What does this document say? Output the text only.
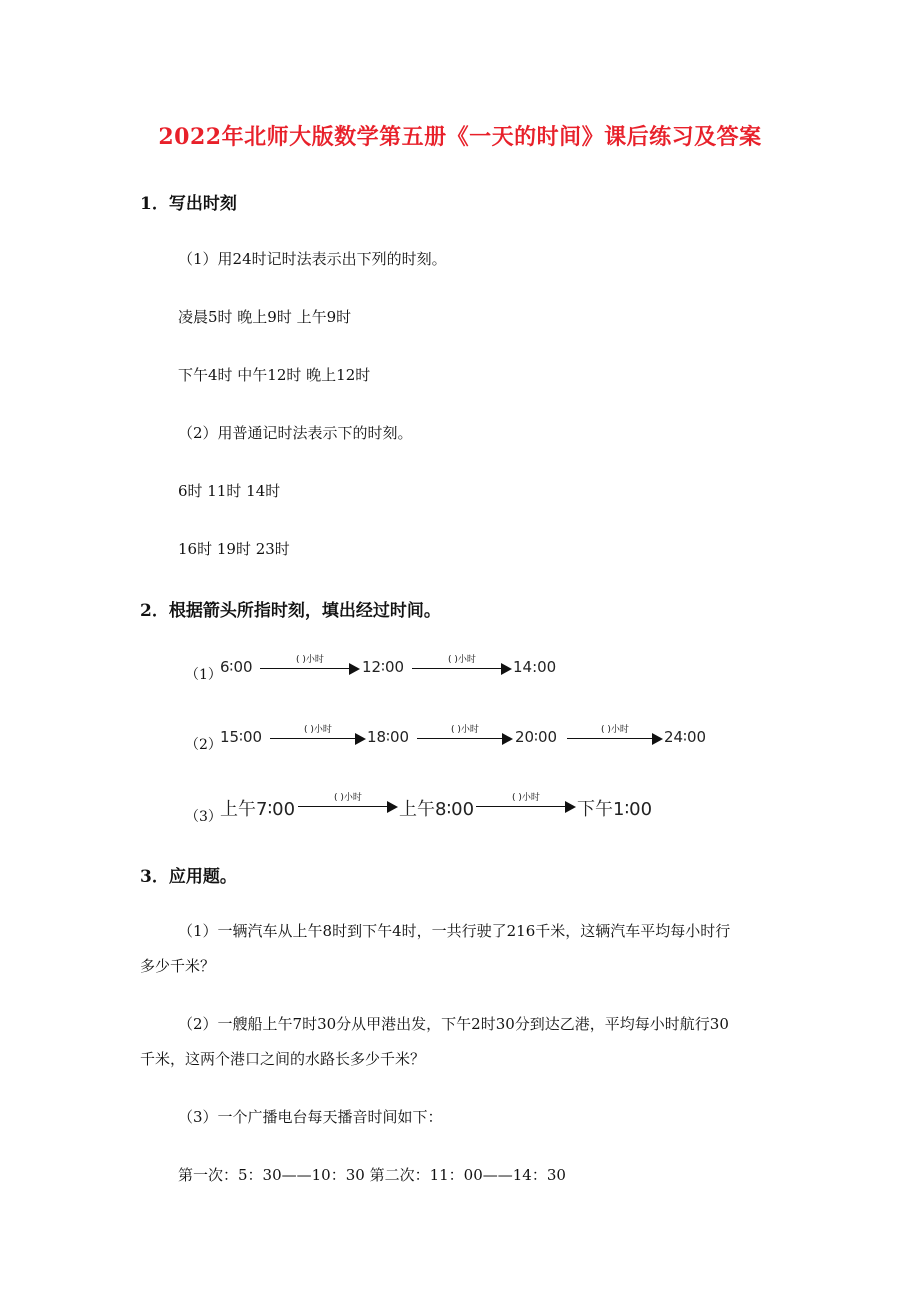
2022年北师大版数学第五册《一天的时间》课后练习及答案
1．写出时刻
（1）用24时记时法表示出下列的时刻。
凌晨5时 晚上9时 上午9时
下午4时 中午12时 晚上12时
（2）用普通记时法表示下的时刻。
6时 11时 14时
16时 19时 23时
2．根据箭头所指时刻，填出经过时间。
（1）
6∶00	( )小时	12∶00	( )小时	14:00
（2）
15∶00	( )小时	18∶00	( )小时	20∶00	( )小时	24∶00
（3）
上午7∶00
( )小时
上午8∶00
( )小时
下午1∶00
3．应用题。
（1）一辆汽车从上午8时到下午4时，一共行驶了216千米，这辆汽车平均每小时行
多少千米？
（2）一艘船上午7时30分从甲港出发，下午2时30分到达乙港，平均每小时航行30
千米，这两个港口之间的水路长多少千米？
（3）一个广播电台每天播音时间如下：
第一次：5：30——10：30 第二次：11：00——14：30
